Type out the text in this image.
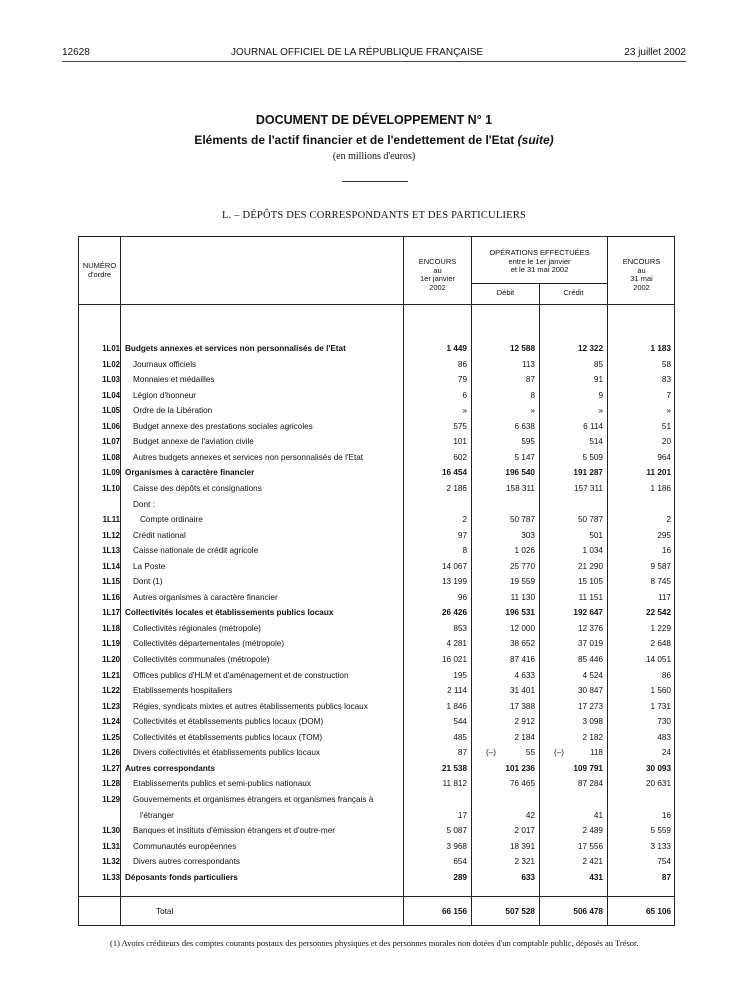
12628	JOURNAL OFFICIEL DE LA RÉPUBLIQUE FRANÇAISE	23 juillet 2002
DOCUMENT DE DÉVELOPPEMENT N° 1
Eléments de l'actif financier et de l'endettement de l'Etat (suite)
(en millions d'euros)
L. – DÉPÔTS DES CORRESPONDANTS ET DES PARTICULIERS
NUMÉRO
d'ordre
ENCOURS
au
1er janvier
2002
OPÉRATIONS EFFECTUÉES
entre le 1er janvier
et le 31 mai 2002
Débit	Crédit
ENCOURS
au
31 mai
2002
1L01 Budgets annexes et services non personnalisés de l'Etat	1 449	12 588	12 322	1 183
1L02 Journaux officiels	86	113	85	58
1L03 Monnaies et médailles	79	87	91	83
1L04 Légion d'honneur	6	8	9	7
1L05 Ordre de la Libération	»	»	»	»
1L06 Budget annexe des prestations sociales agricoles	575	6 638	6 114	51
1L07 Budget annexe de l'aviation civile	101	595	514	20
1L08 Autres budgets annexes et services non personnalisés de l'Etat	602	5 147	5 509	964
1L09 Organismes à caractère financier	16 454	196 540	191 287	11 201
1L10 Caisse des dépôts et consignations	2 186	158 311	157 311	1 186
Dont :
1L11 Compte ordinaire	2	50 787	50 787	2
1L12 Crédit national	97	303	501	295
1L13 Caisse nationale de crédit agricole	8	1 026	1 034	16
1L14 La Poste	14 067	25 770	21 290	9 587
1L15 Dont (1)	13 199	19 559	15 105	8 745
1L16 Autres organismes à caractère financier	96	11 130	11 151	117
1L17 Collectivités locales et établissements publics locaux	26 426	196 531	192 647	22 542
1L18 Collectivités régionales (métropole)	853	12 000	12 376	1 229
1L19 Collectivités départementales (métropole)	4 281	38 652	37 019	2 648
1L20 Collectivités communales (métropole)	16 021	87 416	85 446	14 051
1L21 Offices publics d'HLM et d'aménagement et de construction	195	4 633	4 524	86
1L22 Etablissements hospitaliers	2 114	31 401	30 847	1 560
1L23 Régies, syndicats mixtes et autres établissements publics locaux	1 846	17 388	17 273	1 731
1L24 Collectivités et établissements publics locaux (DOM)	544	2 912	3 098	730
1L25 Collectivités et établissements publics locaux (TOM)	485	2 184	2 182	483
1L26 Divers collectivités et établissements publics locaux	87	55	118	24
(–)	(–)
1L27 Autres correspondants	21 538	101 236	109 791	30 093
1L28 Etablissements publics et semi-publics nationaux	11 812	76 465	87 284	20 631
1L29 Gouvernements et organismes étrangers et organismes français à
l'étranger	17	42	41	16
1L30 Banques et instituts d'émission étrangers et d'outre-mer	5 087	2 017	2 489	5 559
1L31 Communautés européennes	3 968	18 391	17 556	3 133
1L32 Divers autres correspondants	654	2 321	2 421	754
1L33 Déposants fonds particuliers	289	633	431	87
Total	66 156	507 528	506 478	65 106
(1) Avoirs créditeurs des comptes courants postaux des personnes physiques et des personnes morales non dotées d'un comptable public, déposés au Trésor.
